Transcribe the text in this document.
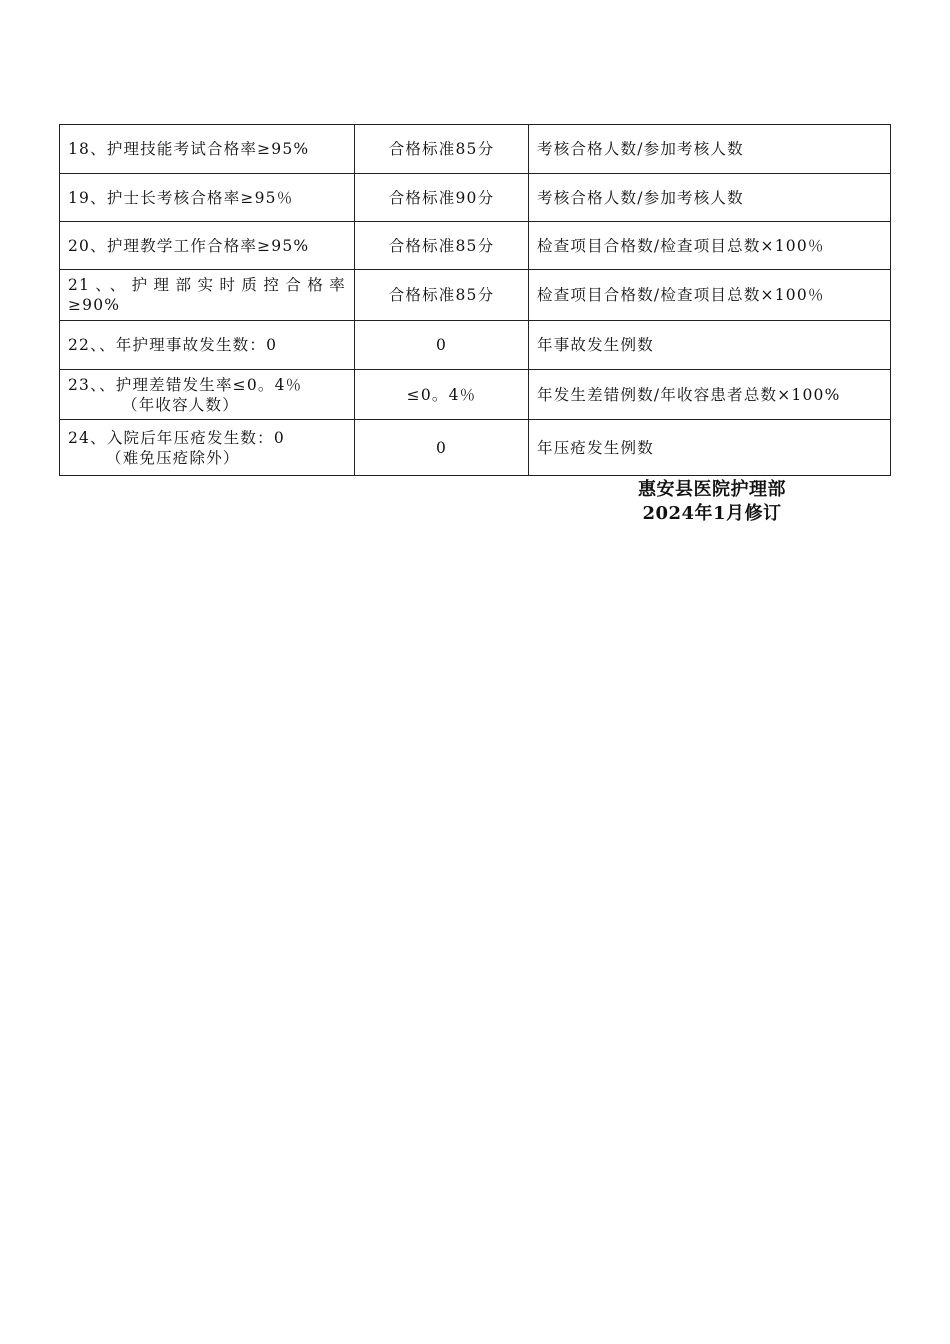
18、护理技能考试合格率≥95%	合格标准85分	考核合格人数/参加考核人数
19、护士长考核合格率≥95％	合格标准90分	考核合格人数/参加考核人数
20、护理教学工作合格率≥95%	合格标准85分	检查项目合格数/检查项目总数×100％

21、、护理部实时质控合格率
≥90%	合格标准85分	检查项目合格数/检查项目总数×100％
22、、年护理事故发生数：0	0	年事故发生例数

23、、护理差错发生率≤0。4％
（年收容人数）	≤0。4％	年发生差错例数/年收容患者总数×100%

24、入院后年压疮发生数：0
（难免压疮除外）	0	年压疮发生例数
惠安县医院护理部
2024年1月修订
